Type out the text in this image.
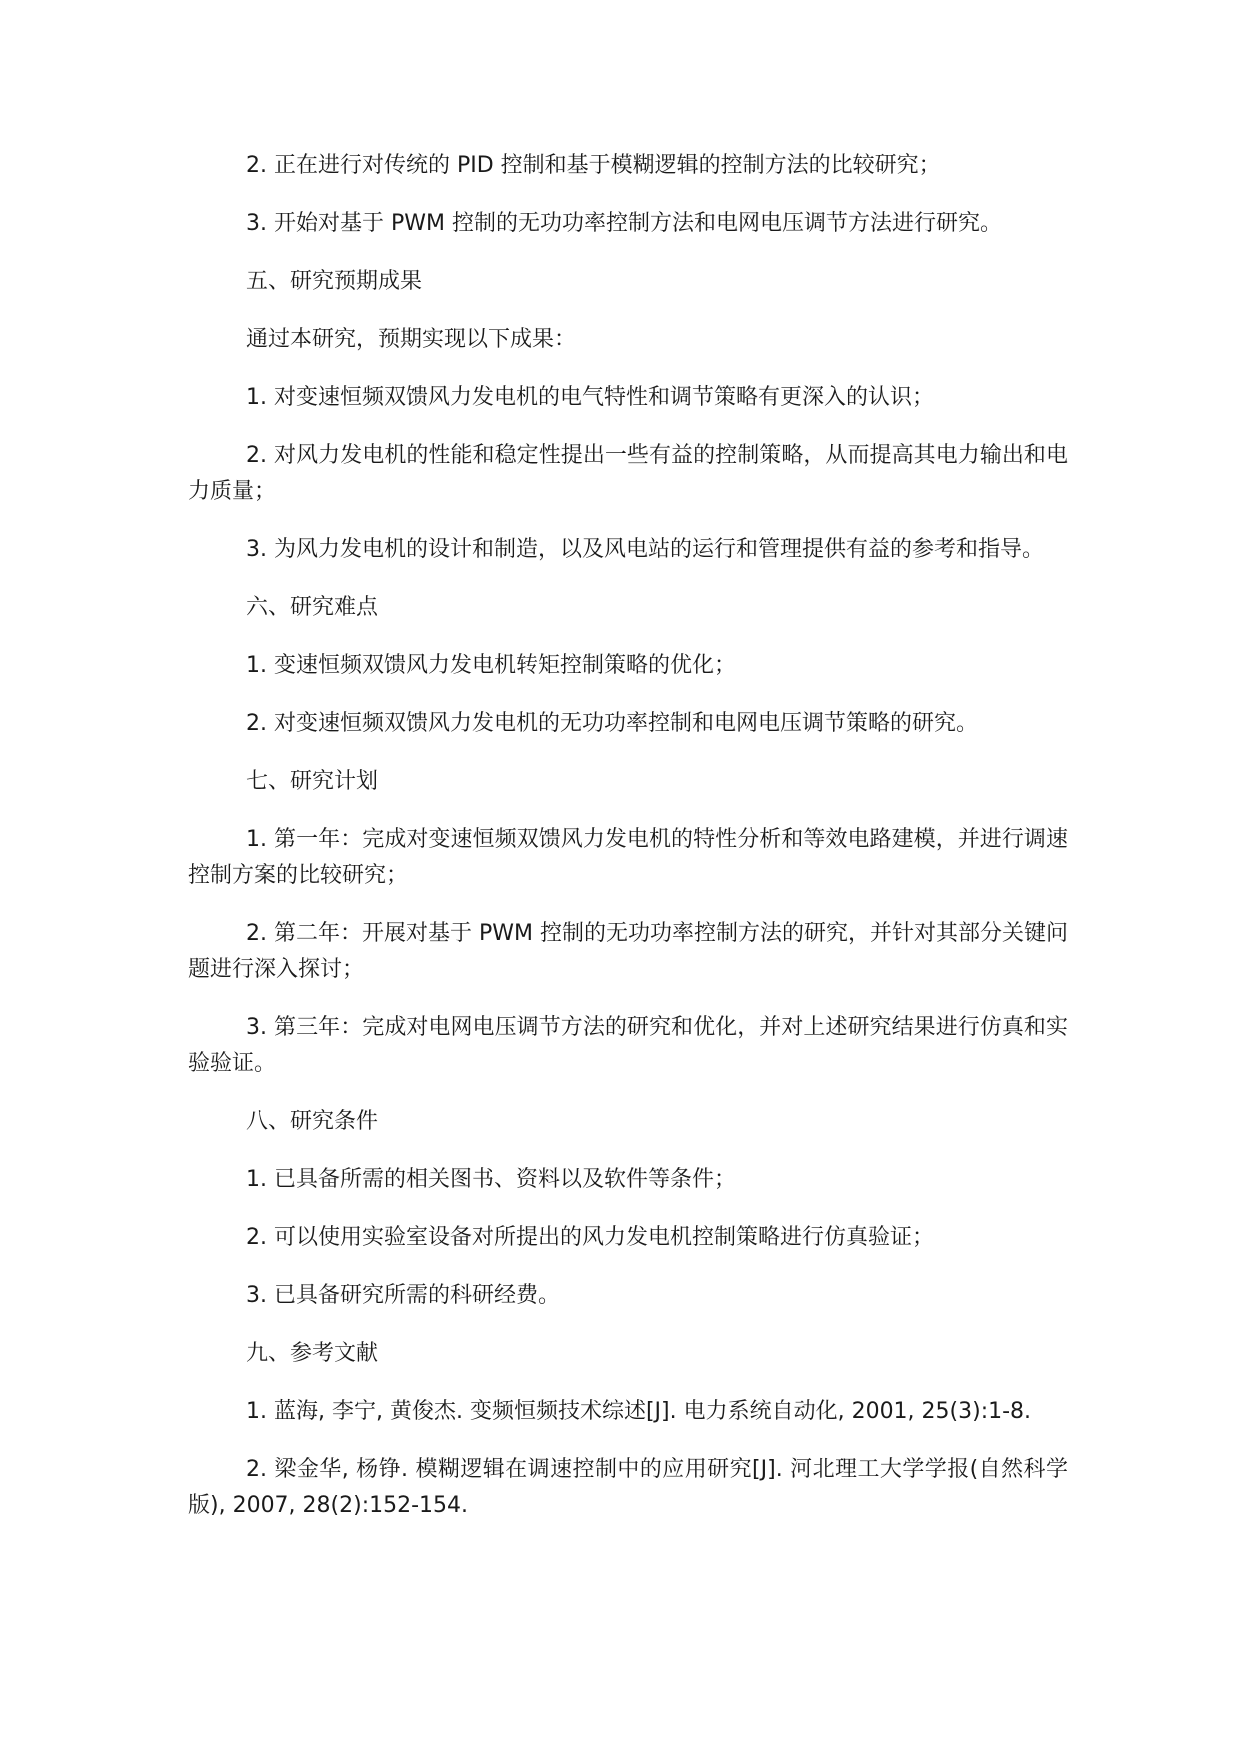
2. 正在进行对传统的 PID 控制和基于模糊逻辑的控制方法的比较研究；

3. 开始对基于 PWM 控制的无功功率控制方法和电网电压调节方法进行研究。

五、研究预期成果

通过本研究，预期实现以下成果：

1. 对变速恒频双馈风力发电机的电气特性和调节策略有更深入的认识；

2. 对风力发电机的性能和稳定性提出一些有益的控制策略，从而提高其电力输出和电力质量；

3. 为风力发电机的设计和制造，以及风电站的运行和管理提供有益的参考和指导。

六、研究难点

1. 变速恒频双馈风力发电机转矩控制策略的优化；

2. 对变速恒频双馈风力发电机的无功功率控制和电网电压调节策略的研究。

七、研究计划

1. 第一年：完成对变速恒频双馈风力发电机的特性分析和等效电路建模，并进行调速控制方案的比较研究；

2. 第二年：开展对基于 PWM 控制的无功功率控制方法的研究，并针对其部分关键问题进行深入探讨；

3. 第三年：完成对电网电压调节方法的研究和优化，并对上述研究结果进行仿真和实验验证。

八、研究条件

1. 已具备所需的相关图书、资料以及软件等条件；

2. 可以使用实验室设备对所提出的风力发电机控制策略进行仿真验证；

3. 已具备研究所需的科研经费。

九、参考文献

1. 蓝海, 李宁, 黄俊杰. 变频恒频技术综述[J]. 电力系统自动化, 2001, 25(3):1-8.

2. 梁金华, 杨铮. 模糊逻辑在调速控制中的应用研究[J]. 河北理工大学学报(自然科学版), 2007, 28(2):152-154.
